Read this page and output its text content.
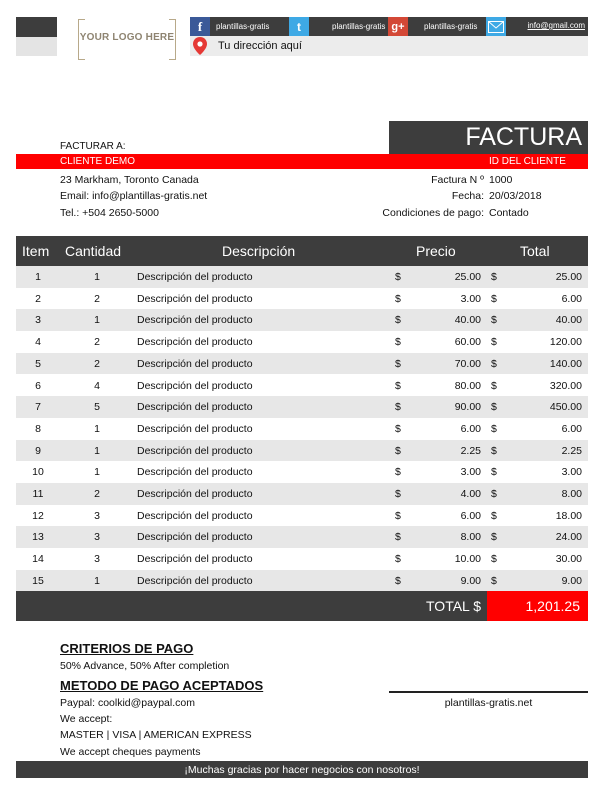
YOUR LOGO HERE
f	plantillas-gratis	t	plantillas-gratis g+	plantillas-gratis	info@gmail.com
Tu dirección aquí
FACTURA
FACTURAR A:
CLIENTE DEMO	ID DEL CLIENTE
23 Markham, Toronto Canada
Email: info@plantillas-gratis.net
Tel.: +504 2650-5000
Factura N º 1000
Fecha: 20/03/2018
Condiciones de pago: Contado
Item Cantidad	Descripción	Precio	Total
1	1	Descripción del producto	$	25.00 $	25.00
2	2	Descripción del producto	$	3.00 $	6.00
3	1	Descripción del producto	$	40.00 $	40.00
4	2	Descripción del producto	$	60.00 $	120.00
5	2	Descripción del producto	$	70.00 $	140.00
6	4	Descripción del producto	$	80.00 $	320.00
7	5	Descripción del producto	$	90.00 $	450.00
8	1	Descripción del producto	$	6.00 $	6.00
9	1	Descripción del producto	$	2.25 $	2.25
10	1	Descripción del producto	$	3.00 $	3.00
11	2	Descripción del producto	$	4.00 $	8.00
12	3	Descripción del producto	$	6.00 $	18.00
13	3	Descripción del producto	$	8.00 $	24.00
14	3	Descripción del producto	$	10.00 $	30.00
15	1	Descripción del producto	$	9.00 $	9.00
TOTAL $	1,201.25
CRITERIOS DE PAGO
50% Advance, 50% After completion
METODO DE PAGO ACEPTADOS
Paypal: coolkid@paypal.com
We accept:
MASTER | VISA | AMERICAN EXPRESS
We accept cheques payments
plantillas-gratis.net
¡Muchas gracias por hacer negocios con nosotros!
